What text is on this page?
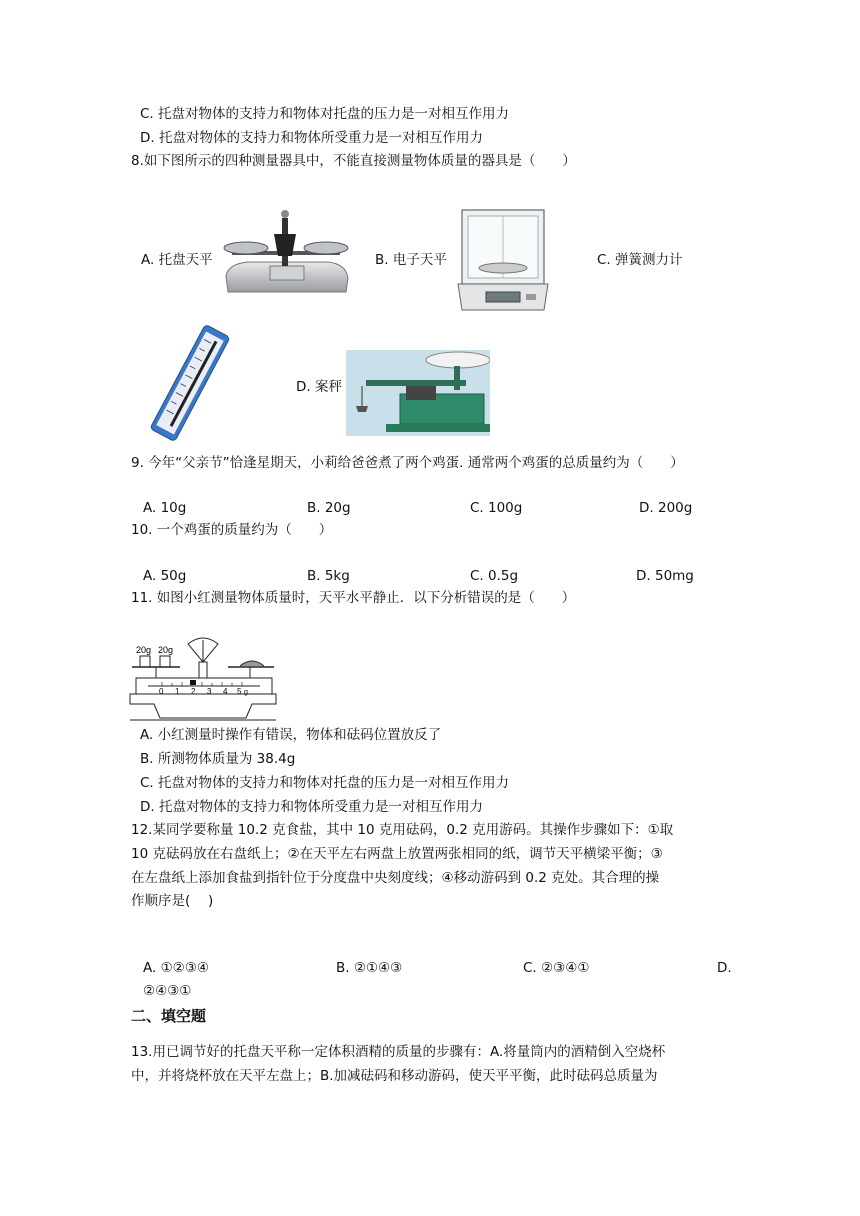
C. 托盘对物体的支持力和物体对托盘的压力是一对相互作用力
D. 托盘对物体的支持力和物体所受重力是一对相互作用力
8.如下图所示的四种测量器具中，不能直接测量物体质量的器具是（　　）
A. 托盘天平	B. 电子天平	C. 弹簧测力计
D. 案秤
9. 今年“父亲节”恰逢星期天，小莉给爸爸煮了两个鸡蛋. 通常两个鸡蛋的总质量约为（　　）
A. 10g	B. 20g	C. 100g	D. 200g
10. 一个鸡蛋的质量约为（　　）
A. 50g	B. 5kg	C. 0.5g	D. 50mg
11. 如图小红测量物体质量时，天平水平静止．以下分析错误的是（　　）
20g 20g
0 1 2 3 4 5 g
A. 小红测量时操作有错误，物体和砝码位置放反了
B. 所测物体质量为 38.4g
C. 托盘对物体的支持力和物体对托盘的压力是一对相互作用力
D. 托盘对物体的支持力和物体所受重力是一对相互作用力
12.某同学要称量 10.2 克食盐，其中 10 克用砝码，0.2 克用游码。其操作步骤如下：①取
10 克砝码放在右盘纸上；②在天平左右两盘上放置两张相同的纸，调节天平横梁平衡；③
在左盘纸上添加食盐到指针位于分度盘中央刻度线；④移动游码到 0.2 克处。其合理的操
作顺序是(　 )
A. ①②③④	B. ②①④③	C. ②③④①	D.
②④③①
二、填空题
13.用已调节好的托盘天平称一定体积酒精的质量的步骤有：A.将量筒内的酒精倒入空烧杯
中，并将烧杯放在天平左盘上；B.加减砝码和移动游码，使天平平衡，此时砝码总质量为
